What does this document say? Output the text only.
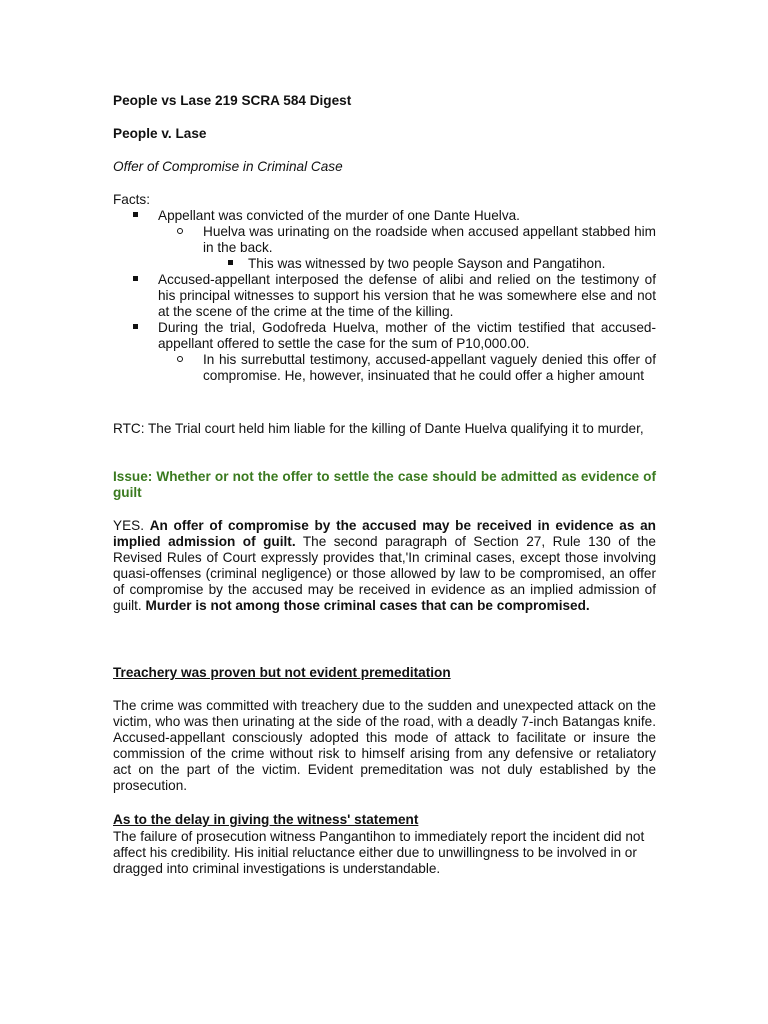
People vs Lase 219 SCRA 584 Digest

People v. Lase

Offer of Compromise in Criminal Case

Facts:

Appellant was convicted of the murder of one Dante Huelva.
Huelva was urinating on the roadside when accused appellant stabbed him in the back.
This was witnessed by two people Sayson and Pangatihon.
Accused-appellant interposed the defense of alibi and relied on the testimony of his principal witnesses to support his version that he was somewhere else and not at the scene of the crime at the time of the killing.
During the trial, Godofreda Huelva, mother of the victim testified that accused-appellant offered to settle the case for the sum of P10,000.00.
In his surrebuttal testimony, accused-appellant vaguely denied this offer of compromise. He, however, insinuated that he could offer a higher amount

RTC: The Trial court held him liable for the killing of Dante Huelva qualifying it to murder,

Issue: Whether or not the offer to settle the case should be admitted as evidence of guilt

YES. An offer of compromise by the accused may be received in evidence as an implied admission of guilt. The second paragraph of Section 27, Rule 130 of the Revised Rules of Court expressly provides that,'In criminal cases, except those involving quasi-offenses (criminal negligence) or those allowed by law to be compromised, an offer of compromise by the accused may be received in evidence as an implied admission of guilt. Murder is not among those criminal cases that can be compromised.

Treachery was proven but not evident premeditation

The crime was committed with treachery due to the sudden and unexpected attack on the victim, who was then urinating at the side of the road, with a deadly 7-inch Batangas knife. Accused-appellant consciously adopted this mode of attack to facilitate or insure the commission of the crime without risk to himself arising from any defensive or retaliatory act on the part of the victim. Evident premeditation was not duly established by the prosecution.

As to the delay in giving the witness' statement

The failure of prosecution witness Pangantihon to immediately report the incident did not affect his credibility. His initial reluctance either due to unwillingness to be involved in or dragged into criminal investigations is understandable.
